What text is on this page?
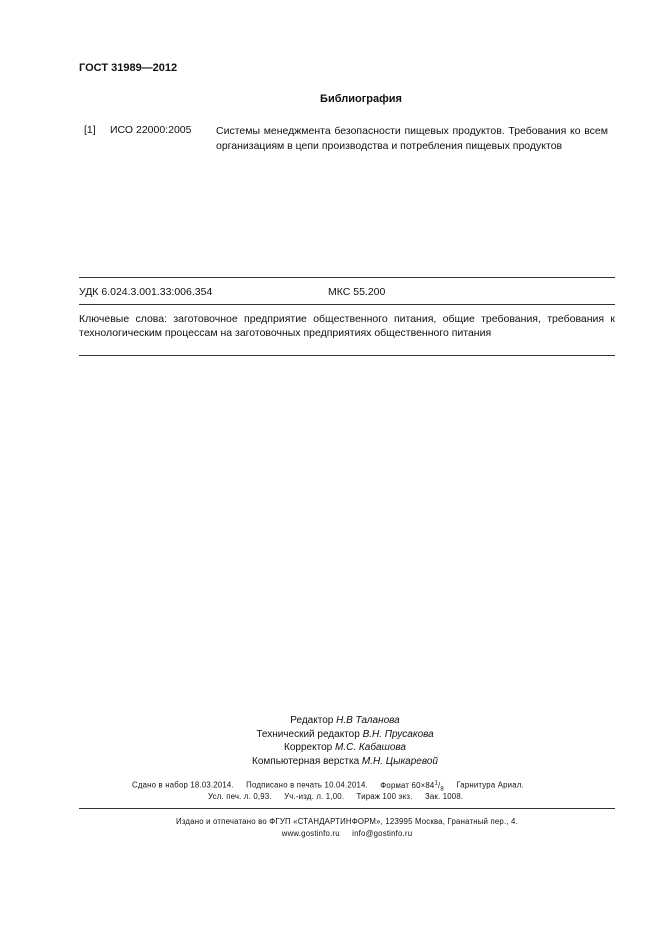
ГОСТ 31989—2012
Библиография
[1] ИСО 22000:2005 Системы менеджмента безопасности пищевых продуктов. Требования ко всем организациям в цепи производства и потребления пищевых продуктов
УДК 6.024.3.001.33:006.354	МКС 55.200
Ключевые слова: заготовочное предприятие общественного питания, общие требования, требования к технологическим процессам на заготовочных предприятиях общественного питания
Редактор Н.В Таланова
Технический редактор В.Н. Прусакова
Корректор М.С. Кабашова
Компьютерная верстка М.Н. Цыкаревой
Сдано в набор 18.03.2014. Подписано в печать 10.04.2014. Формат $60\times 84^1/_8$ Гарнитура Ариал.
Усл. печ. л. 0,93. Уч.-изд. л. 1,00. Тираж 100 экз. Зак. 1008.
Издано и отпечатано во ФГУП «СТАНДАРТИНФОРМ», 123995 Москва, Гранатный пер., 4.
www.gostinfo.ru info@gostinfo.ru
